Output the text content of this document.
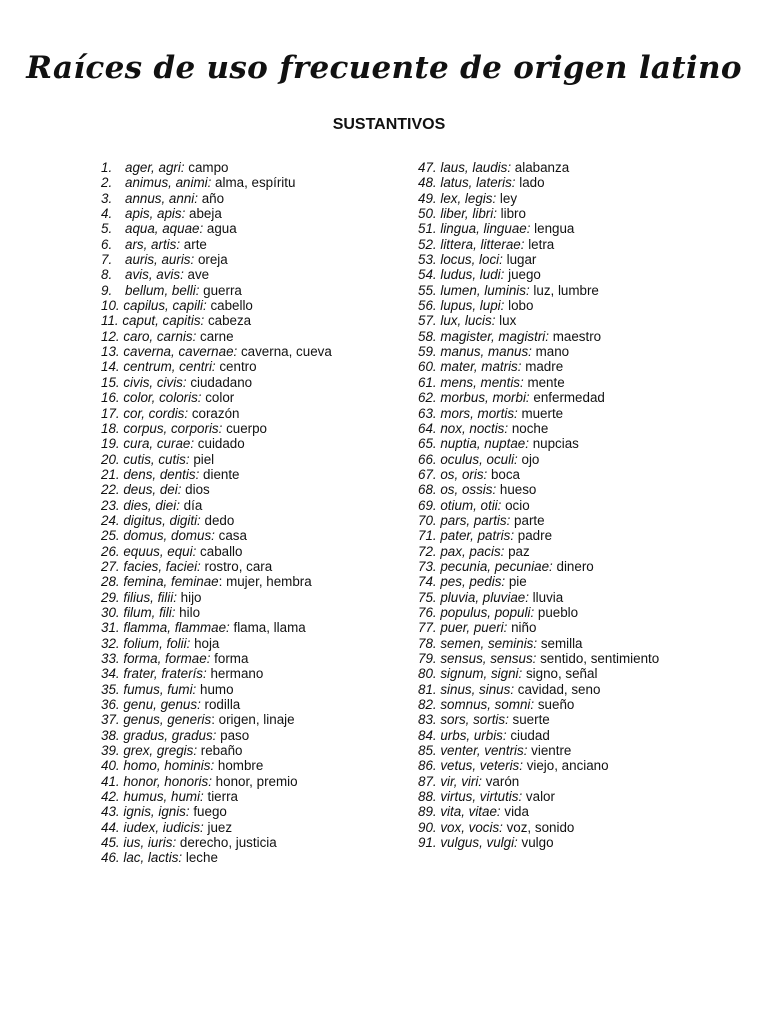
Raíces de uso frecuente de origen latino
SUSTANTIVOS
1. ager, agri: campo
2. animus, animi: alma, espíritu
3. annus, anni: año
4. apis, apis: abeja
5. aqua, aquae: agua
6. ars, artis: arte
7. auris, auris: oreja
8. avis, avis: ave
9. bellum, belli: guerra
10. capilus, capili: cabello
11. caput, capitis: cabeza
12. caro, carnis: carne
13. caverna, cavernae: caverna, cueva
14. centrum, centri: centro
15. civis, civis: ciudadano
16. color, coloris: color
17. cor, cordis: corazón
18. corpus, corporis: cuerpo
19. cura, curae: cuidado
20. cutis, cutis: piel
21. dens, dentis: diente
22. deus, dei: dios
23. dies, diei: día
24. digitus, digiti: dedo
25. domus, domus: casa
26. equus, equi: caballo
27. facies, faciei: rostro, cara
28. femina, feminae: mujer, hembra
29. filius, filii: hijo
30. filum, fili: hilo
31. flamma, flammae: flama, llama
32. folium, folii: hoja
33. forma, formae: forma
34. frater, fraterís: hermano
35. fumus, fumi: humo
36. genu, genus: rodilla
37. genus, generis: origen, linaje
38. gradus, gradus: paso
39. grex, gregis: rebaño
40. homo, hominis: hombre
41. honor, honoris: honor, premio
42. humus, humi: tierra
43. ignis, ignis: fuego
44. iudex, iudicis: juez
45. ius, iuris: derecho, justicia
46. lac, lactis: leche
47. laus, laudis: alabanza
48. latus, lateris: lado
49. lex, legis: ley
50. liber, libri: libro
51. lingua, linguae: lengua
52. littera, litterae: letra
53. locus, loci: lugar
54. ludus, ludi: juego
55. lumen, luminis: luz, lumbre
56. lupus, lupi: lobo
57. lux, lucis: lux
58. magister, magistri: maestro
59. manus, manus: mano
60. mater, matris: madre
61. mens, mentis: mente
62. morbus, morbi: enfermedad
63. mors, mortis: muerte
64. nox, noctis: noche
65. nuptia, nuptae: nupcias
66. oculus, oculi: ojo
67. os, oris: boca
68. os, ossis: hueso
69. otium, otii: ocio
70. pars, partis: parte
71. pater, patris: padre
72. pax, pacis: paz
73. pecunia, pecuniae: dinero
74. pes, pedis: pie
75. pluvia, pluviae: lluvia
76. populus, populi: pueblo
77. puer, pueri: niño
78. semen, seminis: semilla
79. sensus, sensus: sentido, sentimiento
80. signum, signi: signo, señal
81. sinus, sinus: cavidad, seno
82. somnus, somni: sueño
83. sors, sortis: suerte
84. urbs, urbis: ciudad
85. venter, ventris: vientre
86. vetus, veteris: viejo, anciano
87. vir, viri: varón
88. virtus, virtutis: valor
89. vita, vitae: vida
90. vox, vocis: voz, sonido
91. vulgus, vulgi: vulgo
